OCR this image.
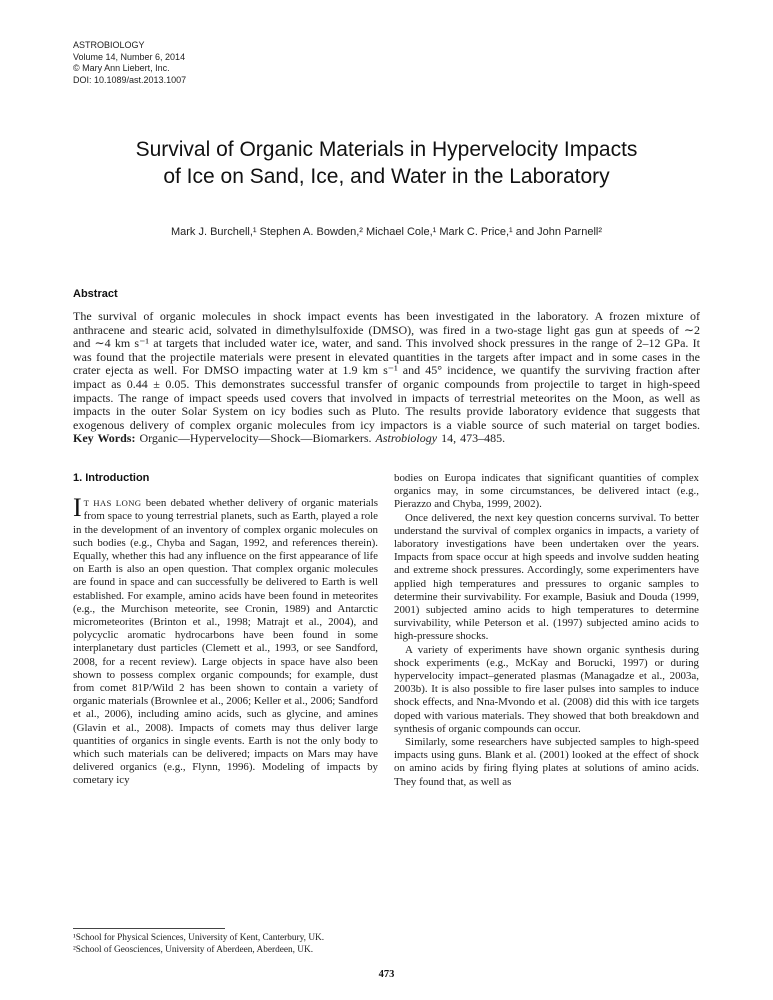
ASTROBIOLOGY
Volume 14, Number 6, 2014
© Mary Ann Liebert, Inc.
DOI: 10.1089/ast.2013.1007
Survival of Organic Materials in Hypervelocity Impacts
of Ice on Sand, Ice, and Water in the Laboratory
Mark J. Burchell,¹ Stephen A. Bowden,² Michael Cole,¹ Mark C. Price,¹ and John Parnell²
Abstract

The survival of organic molecules in shock impact events has been investigated in the laboratory. A frozen mixture of anthracene and stearic acid, solvated in dimethylsulfoxide (DMSO), was fired in a two-stage light gas gun at speeds of ∼2 and ∼4 km s⁻¹ at targets that included water ice, water, and sand. This involved shock pressures in the range of 2–12 GPa. It was found that the projectile materials were present in elevated quantities in the targets after impact and in some cases in the crater ejecta as well. For DMSO impacting water at 1.9 km s⁻¹ and 45° incidence, we quantify the surviving fraction after impact as 0.44 ± 0.05. This demonstrates successful transfer of organic compounds from projectile to target in high-speed impacts. The range of impact speeds used covers that involved in impacts of terrestrial meteorites on the Moon, as well as impacts in the outer Solar System on icy bodies such as Pluto. The results provide laboratory evidence that suggests that exogenous delivery of complex organic molecules from icy impactors is a viable source of such material on target bodies. Key Words: Organic—Hypervelocity—Shock—Biomarkers. Astrobiology 14, 473–485.

1. Introduction

I T HAS LONG been debated whether delivery of organic materials from space to young terrestrial planets, such as Earth, played a role in the development of an inventory of complex organic molecules on such bodies (e.g., Chyba and Sagan, 1992, and references therein). Equally, whether this had any influence on the first appearance of life on Earth is also an open question. That complex organic molecules are found in space and can successfully be delivered to Earth is well established. For example, amino acids have been found in meteorites (e.g., the Murchison meteorite, see Cronin, 1989) and Antarctic micrometeorites (Brinton et al., 1998; Matrajt et al., 2004), and polycyclic aromatic hydrocarbons have been found in some interplanetary dust particles (Clemett et al., 1993, or see Sandford, 2008, for a recent review). Large objects in space have also been shown to possess complex organic compounds; for example, dust from comet 81P/Wild 2 has been shown to contain a variety of organic materials (Brownlee et al., 2006; Keller et al., 2006; Sandford et al., 2006), including amino acids, such as glycine, and amines (Glavin et al., 2008). Impacts of comets may thus deliver large quantities of organics in single events. Earth is not the only body to which such materials can be delivered; impacts on Mars may have delivered organics (e.g., Flynn, 1996). Modeling of impacts by cometary icy

bodies on Europa indicates that significant quantities of complex organics may, in some circumstances, be delivered intact (e.g., Pierazzo and Chyba, 1999, 2002).

Once delivered, the next key question concerns survival. To better understand the survival of complex organics in impacts, a variety of laboratory investigations have been undertaken over the years. Impacts from space occur at high speeds and involve sudden heating and extreme shock pressures. Accordingly, some experimenters have applied high temperatures and pressures to organic samples to determine their survivability. For example, Basiuk and Douda (1999, 2001) subjected amino acids to high temperatures to determine survivability, while Peterson et al. (1997) subjected amino acids to high-pressure shocks.

A variety of experiments have shown organic synthesis during shock experiments (e.g., McKay and Borucki, 1997) or during hypervelocity impact–generated plasmas (Managadze et al., 2003a, 2003b). It is also possible to fire laser pulses into samples to induce shock effects, and Nna-Mvondo et al. (2008) did this with ice targets doped with various materials. They showed that both breakdown and synthesis of organic compounds can occur.

Similarly, some researchers have subjected samples to high-speed impacts using guns. Blank et al. (2001) looked at the effect of shock on amino acids by firing flying plates at solutions of amino acids. They found that, as well as

¹School for Physical Sciences, University of Kent, Canterbury, UK.
²School of Geosciences, University of Aberdeen, Aberdeen, UK.
473
